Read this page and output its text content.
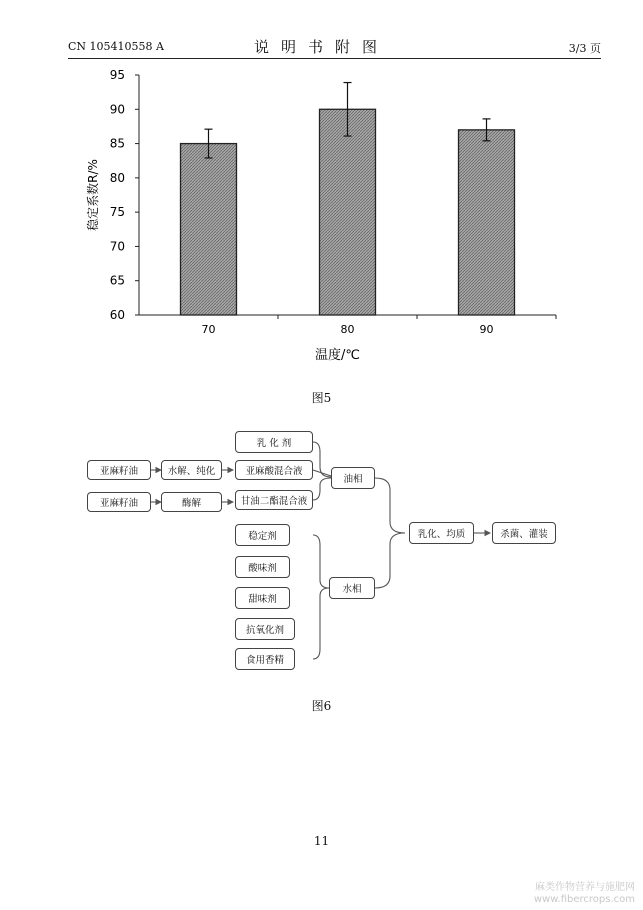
CN 105410558 A	说明书附图	3/3 页
60
65
70
75
80
85
90
95
70	80	90
温度/℃
稳定系数R/%
图5
亚麻籽油	水解、纯化
亚麻籽油	酶解
乳 化 剂
亚麻酸混合液
甘油二酯混合液
油相
稳定剂
酸味剂
甜味剂
抗氧化剂
食用香精
水相
乳化、均质	杀菌、灌装
图6
11
麻类作物营养与施肥网
www.fibercrops.com
